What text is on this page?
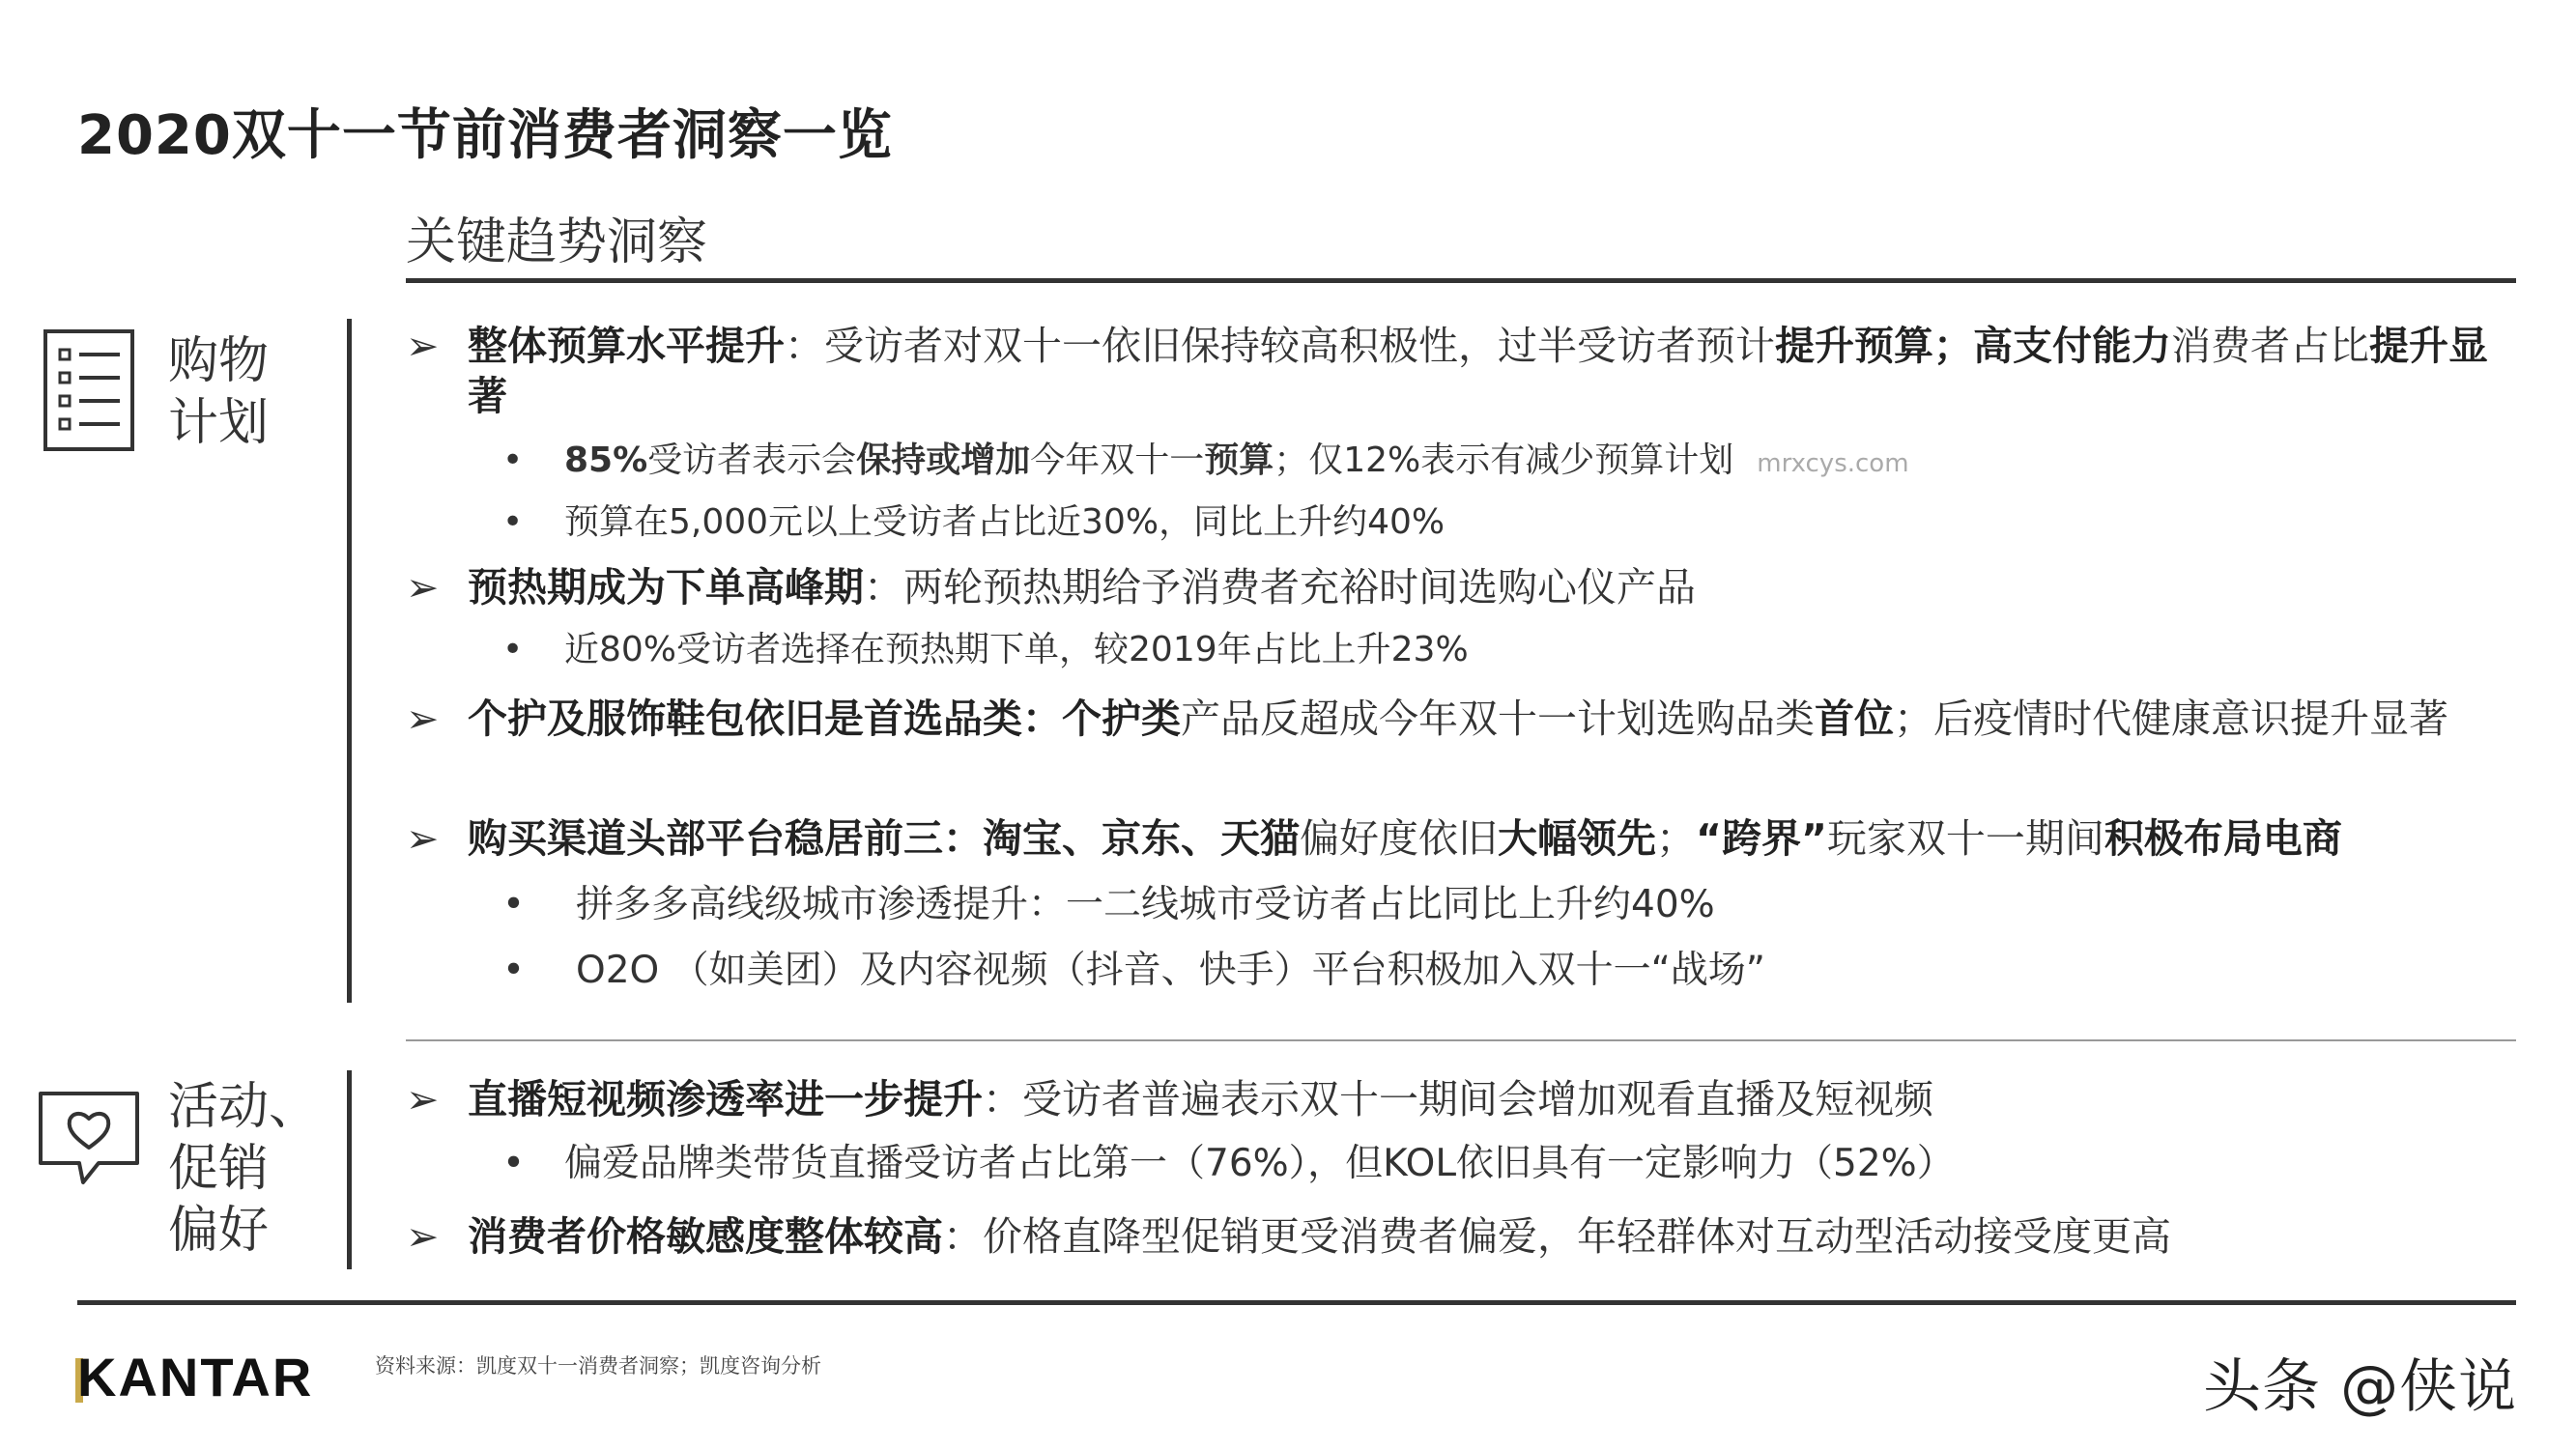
2020双十一节前消费者洞察一览
关键趋势洞察
购物
计划
➢ 整体预算水平提升：受访者对双十一依旧保持较高积极性，过半受访者预计提升预算；高支付能力消费者占比提升显著
• 85%受访者表示会保持或增加今年双十一预算；仅12%表示有减少预算计划 mrxcys.com
• 预算在5,000元以上受访者占比近30%，同比上升约40%
➢ 预热期成为下单高峰期：两轮预热期给予消费者充裕时间选购心仪产品
• 近80%受访者选择在预热期下单，较2019年占比上升23%
➢ 个护及服饰鞋包依旧是首选品类：个护类产品反超成今年双十一计划选购品类首位；后疫情时代健康意识提升显著
➢ 购买渠道头部平台稳居前三：淘宝、京东、天猫偏好度依旧大幅领先；“跨界”玩家双十一期间积极布局电商
• 拼多多高线级城市渗透提升：一二线城市受访者占比同比上升约40%
• O2O （如美团）及内容视频（抖音、快手）平台积极加入双十一“战场”
活动、
促销
偏好
➢ 直播短视频渗透率进一步提升：受访者普遍表示双十一期间会增加观看直播及短视频
• 偏爱品牌类带货直播受访者占比第一（76%），但KOL依旧具有一定影响力（52%）
➢ 消费者价格敏感度整体较高：价格直降型促销更受消费者偏爱，年轻群体对互动型活动接受度更高
KANTAR	资料来源：凯度双十一消费者洞察；凯度咨询分析	头条 @侠说
